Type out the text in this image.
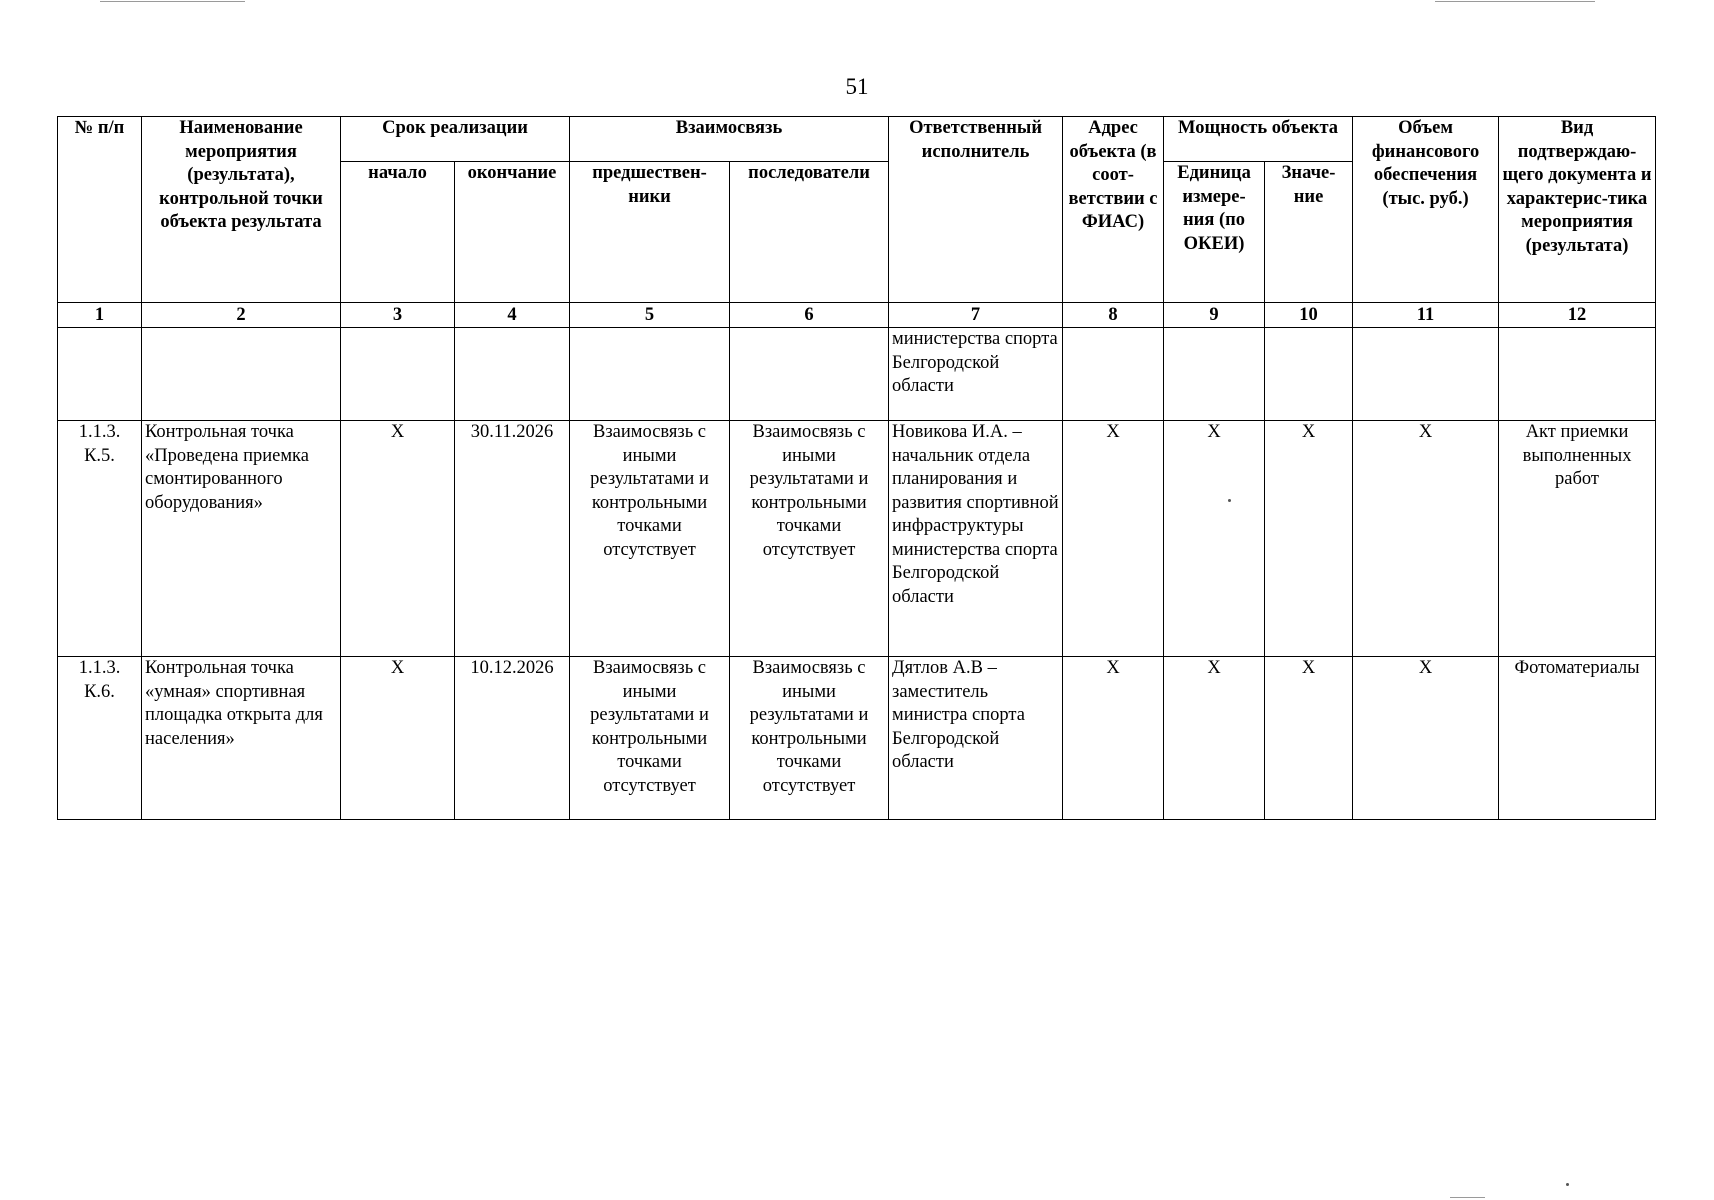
51
№ п/п	Наименование мероприятия (результата), контрольной точки объекта результата	Срок реализации		Взаимосвязь		Ответственный исполнитель	Адрес объекта (в соот-ветствии с ФИАС)	Мощность объекта		Объем финансового обеспечения (тыс. руб.)	Вид подтверждаю-щего документа и характерис-тика мероприятия (результата)
		начало	окончание	предшествен-ники	последователи			Единица измере-ния (по ОКЕИ)	Значе-ние		
1	2	3	4	5	6	7	8	9	10	11	12
						министерства спорта Белгородской области					
1.1.3. К.5.	Контрольная точка «Проведена приемка смонтированного оборудования»	X	30.11.2026	Взаимосвязь с иными результатами и контрольными точками отсутствует	Взаимосвязь с иными результатами и контрольными точками отсутствует	Новикова И.А. – начальник отдела планирования и развития спортивной инфраструктуры министерства спорта Белгородской области	X	X	X	X	Акт приемки выполненных работ
1.1.3. К.6.	Контрольная точка «умная» спортивная площадка открыта для населения»	X	10.12.2026	Взаимосвязь с иными результатами и контрольными точками отсутствует	Взаимосвязь с иными результатами и контрольными точками отсутствует	Дятлов А.В – заместитель министра спорта Белгородской области	X	X	X	X	Фотоматериалы
